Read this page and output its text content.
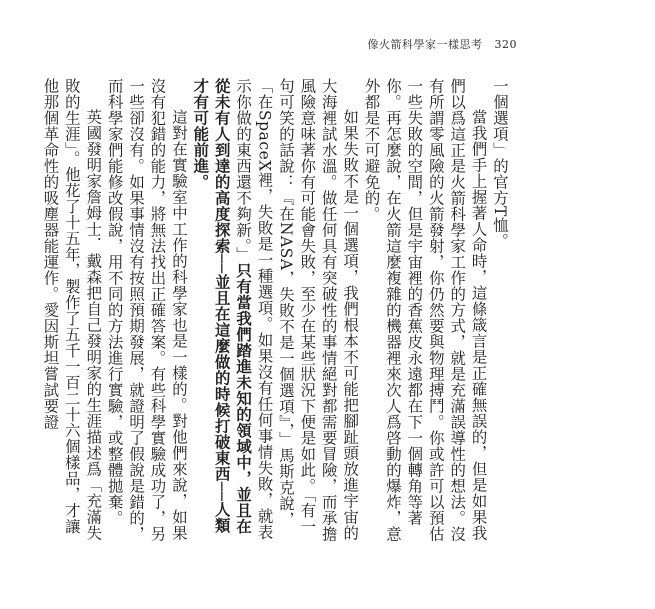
像火箭科學家一樣思考 320

一個選項」的官方T恤。

當我們手上握著人命時，這條箴言是正確無誤的，但是如果我們以爲這正是火箭科學家工作的方式，就是充滿誤導性的想法。沒有所謂零風險的火箭發射，你仍然要與物理搏鬥。你或許可以預估一些失敗的空間，但是宇宙裡的香蕉皮永遠都在下一個轉角等著你。再怎麼說，在火箭這麼複雜的機器裡來次人爲啓動的爆炸，意外都是不可避免的。

如果失敗不是一個選項，我們根本不可能把腳趾頭放進宇宙的大海裡試水溫。做任何具有突破性的事情絕對都需要冒險，而承擔風險意味著你有可能會失敗，至少在某些狀況下便是如此。「有一句可笑的話說：『在NASA，失敗不是一個選項』，」馬斯克說，「在SpaceX裡，失敗是一種選項。如果沒有任何事情失敗，就表示你做的東西還不夠新。」只有當我們踏進未知的領域中，並且在從未有人到達的高度探索──並且在這麼做的時候打破東西──人類才有可能前進。

這對在實驗室中工作的科學家也是一樣的。對他們來說，如果沒有犯錯的能力，將無法找出正確答案。有些科學實驗成功了，另一些卻沒有。如果事情沒有按照預期發展，就證明了假說是錯的，而科學家們能修改假說，用不同的方法進行實驗，或整體拋棄。

英國發明家詹姆士．戴森把自己發明家的生涯描述爲「充滿失敗的生涯」。他花了十五年，製作了五千一百二十六個樣品，才讓他那個革命性的吸塵器能運作。愛因斯坦嘗試要證
